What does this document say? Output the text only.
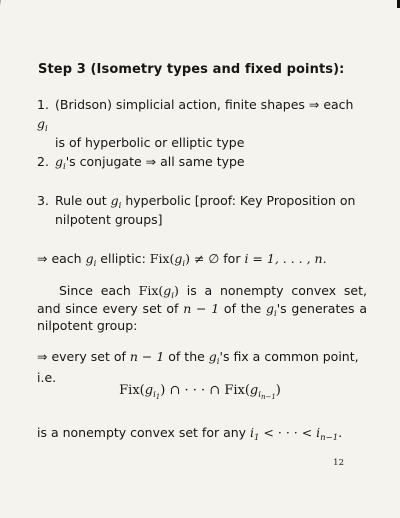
Step 3 (Isometry types and fixed points):
1. (Bridson) simplicial action, finite shapes ⇒ each $g_i$
is of hyperbolic or elliptic type
2. $g_i's$ conjugate ⇒ all same type
3. Rule out $g_i$ hyperbolic [proof: Key Proposition on
nilpotent groups]
⇒ each $g_i$ elliptic: $Fix(g_i)$ ≠ ∅ for i = 1, . . . , n.
Since each $Fix(g_i)$ is a nonempty convex set, and since every set of n − 1 of the $g_i's$ generates a nilpotent group:
⇒ every set of n − 1 of the $g_i's$ fix a common point,
i.e.
$Fix(g_{i_1})$ ∩ · · · ∩ $Fix(g_{i_{n-1}})$
is a nonempty convex set for any $i_1$ < · · · < $i_{n-1}$.
12
